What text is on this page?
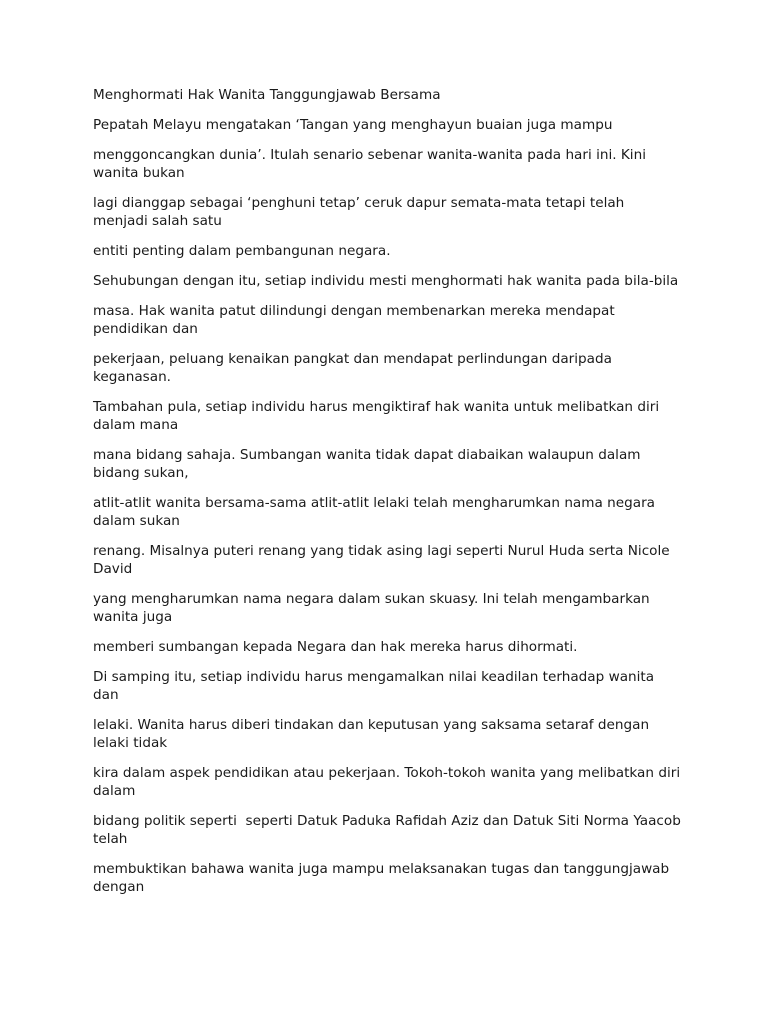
Menghormati Hak Wanita Tanggungjawab Bersama

Pepatah Melayu mengatakan ‘Tangan yang menghayun buaian juga mampu

menggoncangkan dunia’. Itulah senario sebenar wanita-wanita pada hari ini. Kini wanita bukan

lagi dianggap sebagai ‘penghuni tetap’ ceruk dapur semata-mata tetapi telah menjadi salah satu

entiti penting dalam pembangunan negara.

Sehubungan dengan itu, setiap individu mesti menghormati hak wanita pada bila-bila

masa. Hak wanita patut dilindungi dengan membenarkan mereka mendapat pendidikan dan

pekerjaan, peluang kenaikan pangkat dan mendapat perlindungan daripada keganasan.

Tambahan pula, setiap individu harus mengiktiraf hak wanita untuk melibatkan diri dalam mana

mana bidang sahaja. Sumbangan wanita tidak dapat diabaikan walaupun dalam bidang sukan,

atlit-atlit wanita bersama-sama atlit-atlit lelaki telah mengharumkan nama negara dalam sukan

renang. Misalnya puteri renang yang tidak asing lagi seperti Nurul Huda serta Nicole David

yang mengharumkan nama negara dalam sukan skuasy. Ini telah mengambarkan wanita juga

memberi sumbangan kepada Negara dan hak mereka harus dihormati.

Di samping itu, setiap individu harus mengamalkan nilai keadilan terhadap wanita dan

lelaki. Wanita harus diberi tindakan dan keputusan yang saksama setaraf dengan lelaki tidak

kira dalam aspek pendidikan atau pekerjaan. Tokoh-tokoh wanita yang melibatkan diri dalam

bidang politik seperti  seperti Datuk Paduka Rafidah Aziz dan Datuk Siti Norma Yaacob telah

membuktikan bahawa wanita juga mampu melaksanakan tugas dan tanggungjawab dengan
